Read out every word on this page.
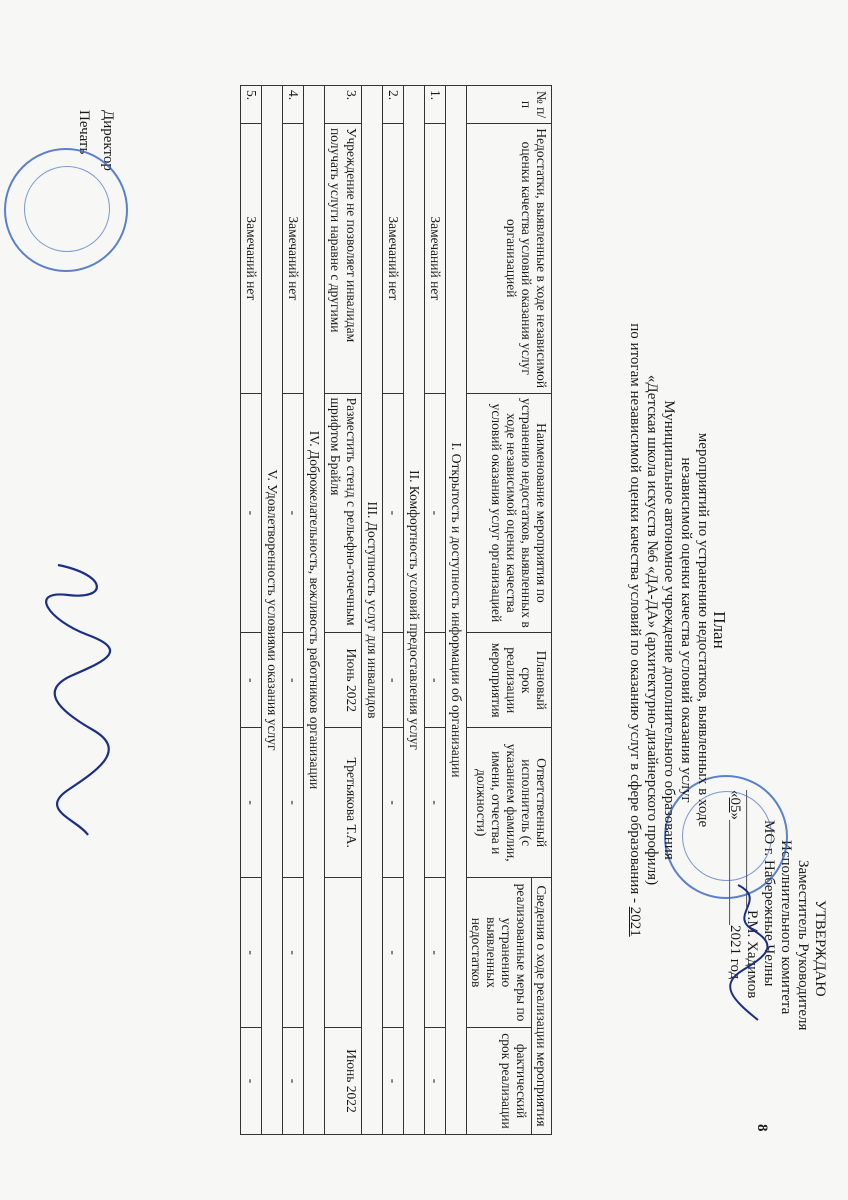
8
УТВЕРЖДАЮ
Заместитель Руководителя
Исполнительного комитета
МО г. Набережные Челны
________________Р.М. Хадимов
«05»______________2021 год
План
мероприятий по устранению недостатков, выявленных в ходе
независимой оценки качества условий оказания услуг
Муниципальное автономное учреждение дополнительного образования
«Детская школа искусств №6 «ДА-ДА» (архитектурно-дизайнерского профиля)
по итогам независимой оценки качества условий по оказанию услуг в сфере образования - 2021
№ п/п	Недостатки, выявленные в ходе независимой оценки качества условий оказания услуг организацией	Наименование мероприятия по устранению недостатков, выявленных в ходе независимой оценки качества условий оказания услуг организацией	Плановый срок реализации мероприятия	Ответственный исполнитель (с указанием фамилии, имени, отчества и должности)	Сведения о ходе реализации мероприятия	
					реализованные меры по устранению выявленных недостатков	фактический срок реализации
I. Открытость и доступность информации об организации						
1.	Замечаний нет	-	-	-	-	-
II. Комфортность условий предоставления услуг						
2.	Замечаний нет	-	-	-	-	-
III. Доступность услуг для инвалидов						
3.	Учреждение не позволяет инвалидам получать услуги наравне с другими	Разместить стенд с рельефно-точечным шрифтом Брайля	Июнь 2022	Третьякова Т.А.		Июнь 2022
IV. Доброжелательность, вежливость работников организации						
4.	Замечаний нет	-	-	-	-	-
V. Удовлетворенность условиями оказания услуг						
5.	Замечаний нет	-	-	-	-	-
Директор
Печать
